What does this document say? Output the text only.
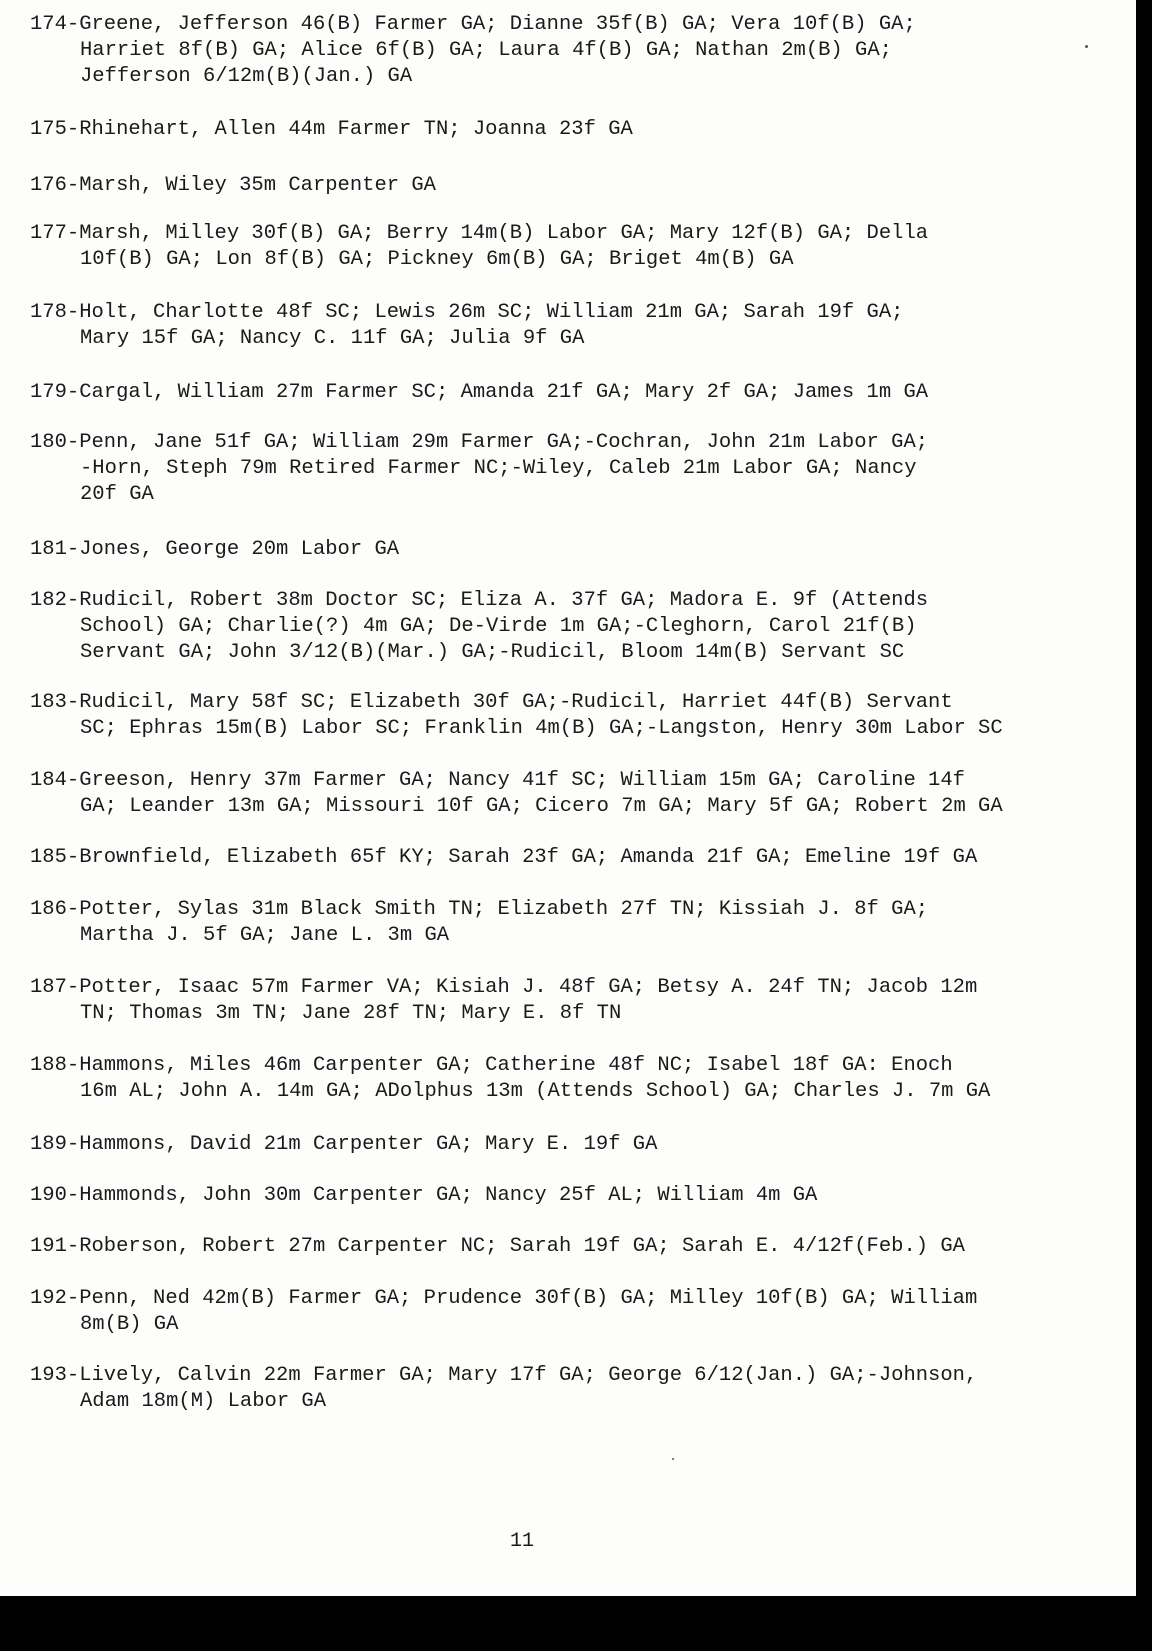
174-Greene, Jefferson 46(B) Farmer GA; Dianne 35f(B) GA; Vera 10f(B) GA;
Harriet 8f(B) GA; Alice 6f(B) GA; Laura 4f(B) GA; Nathan 2m(B) GA;
Jefferson 6/12m(B)(Jan.) GA
175-Rhinehart, Allen 44m Farmer TN; Joanna 23f GA
176-Marsh, Wiley 35m Carpenter GA
177-Marsh, Milley 30f(B) GA; Berry 14m(B) Labor GA; Mary 12f(B) GA; Della
10f(B) GA; Lon 8f(B) GA; Pickney 6m(B) GA; Briget 4m(B) GA
178-Holt, Charlotte 48f SC; Lewis 26m SC; William 21m GA; Sarah 19f GA;
Mary 15f GA; Nancy C. 11f GA; Julia 9f GA
179-Cargal, William 27m Farmer SC; Amanda 21f GA; Mary 2f GA; James 1m GA
180-Penn, Jane 51f GA; William 29m Farmer GA;-Cochran, John 21m Labor GA;
-Horn, Steph 79m Retired Farmer NC;-Wiley, Caleb 21m Labor GA; Nancy
20f GA
181-Jones, George 20m Labor GA
182-Rudicil, Robert 38m Doctor SC; Eliza A. 37f GA; Madora E. 9f (Attends
School) GA; Charlie(?) 4m GA; De-Virde 1m GA;-Cleghorn, Carol 21f(B)
Servant GA; John 3/12(B)(Mar.) GA;-Rudicil, Bloom 14m(B) Servant SC
183-Rudicil, Mary 58f SC; Elizabeth 30f GA;-Rudicil, Harriet 44f(B) Servant
SC; Ephras 15m(B) Labor SC; Franklin 4m(B) GA;-Langston, Henry 30m Labor SC
184-Greeson, Henry 37m Farmer GA; Nancy 41f SC; William 15m GA; Caroline 14f
GA; Leander 13m GA; Missouri 10f GA; Cicero 7m GA; Mary 5f GA; Robert 2m GA
185-Brownfield, Elizabeth 65f KY; Sarah 23f GA; Amanda 21f GA; Emeline 19f GA
186-Potter, Sylas 31m Black Smith TN; Elizabeth 27f TN; Kissiah J. 8f GA;
Martha J. 5f GA; Jane L. 3m GA
187-Potter, Isaac 57m Farmer VA; Kisiah J. 48f GA; Betsy A. 24f TN; Jacob 12m
TN; Thomas 3m TN; Jane 28f TN; Mary E. 8f TN
188-Hammons, Miles 46m Carpenter GA; Catherine 48f NC; Isabel 18f GA: Enoch
16m AL; John A. 14m GA; ADolphus 13m (Attends School) GA; Charles J. 7m GA
189-Hammons, David 21m Carpenter GA; Mary E. 19f GA
190-Hammonds, John 30m Carpenter GA; Nancy 25f AL; William 4m GA
191-Roberson, Robert 27m Carpenter NC; Sarah 19f GA; Sarah E. 4/12f(Feb.) GA
192-Penn, Ned 42m(B) Farmer GA; Prudence 30f(B) GA; Milley 10f(B) GA; William
8m(B) GA
193-Lively, Calvin 22m Farmer GA; Mary 17f GA; George 6/12(Jan.) GA;-Johnson,
Adam 18m(M) Labor GA
11
